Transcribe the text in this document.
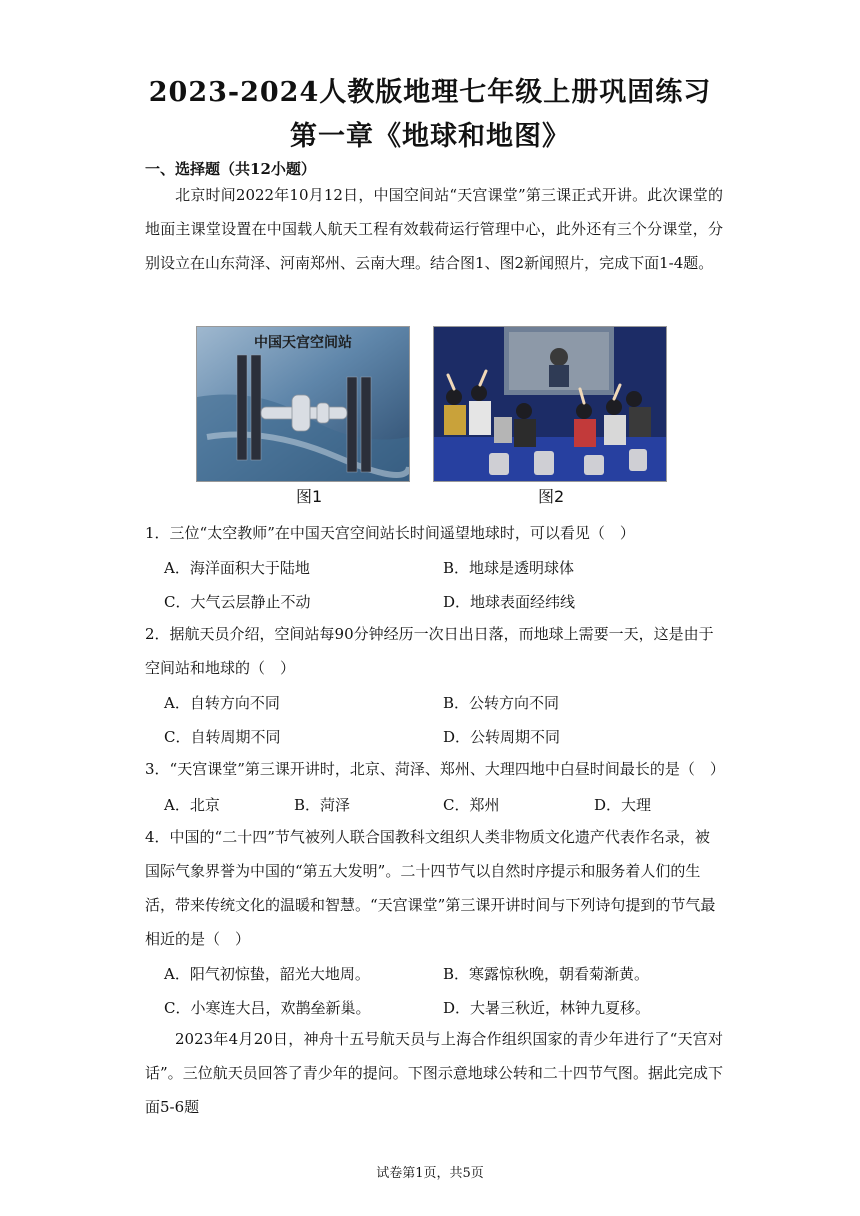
2023-2024人教版地理七年级上册巩固练习
第一章《地球和地图》
一、选择题（共12小题）
北京时间2022年10月12日，中国空间站“天宫课堂”第三课正式开讲。此次课堂的地面主课堂设置在中国载人航天工程有效载荷运行管理中心，此外还有三个分课堂，分别设立在山东菏泽、河南郑州、云南大理。结合图1、图2新闻照片，完成下面1-4题。
中国天宫空间站
图1	图2
1．三位“太空教师”在中国天宫空间站长时间遥望地球时，可以看见（　）
A．海洋面积大于陆地	B．地球是透明球体
C．大气云层静止不动	D．地球表面经纬线
2．据航天员介绍，空间站每90分钟经历一次日出日落，而地球上需要一天，这是由于空间站和地球的（　）
A．自转方向不同	B．公转方向不同
C．自转周期不同	D．公转周期不同
3．“天宫课堂”第三课开讲时，北京、菏泽、郑州、大理四地中白昼时间最长的是（　）
A．北京	B．菏泽	C．郑州	D．大理
4．中国的“二十四”节气被列人联合国教科文组织人类非物质文化遗产代表作名录，被国际气象界誉为中国的“第五大发明”。二十四节气以自然时序提示和服务着人们的生活，带来传统文化的温暖和智慧。“天宫课堂”第三课开讲时间与下列诗句提到的节气最相近的是（　）
A．阳气初惊蛰，韶光大地周。	B．寒露惊秋晚，朝看菊渐黄。
C．小寒连大吕，欢鹊垒新巢。	D．大暑三秋近，林钟九夏移。
2023年4月20日，神舟十五号航天员与上海合作组织国家的青少年进行了“天宫对话”。三位航天员回答了青少年的提问。下图示意地球公转和二十四节气图。据此完成下面5-6题
试卷第1页，共5页
